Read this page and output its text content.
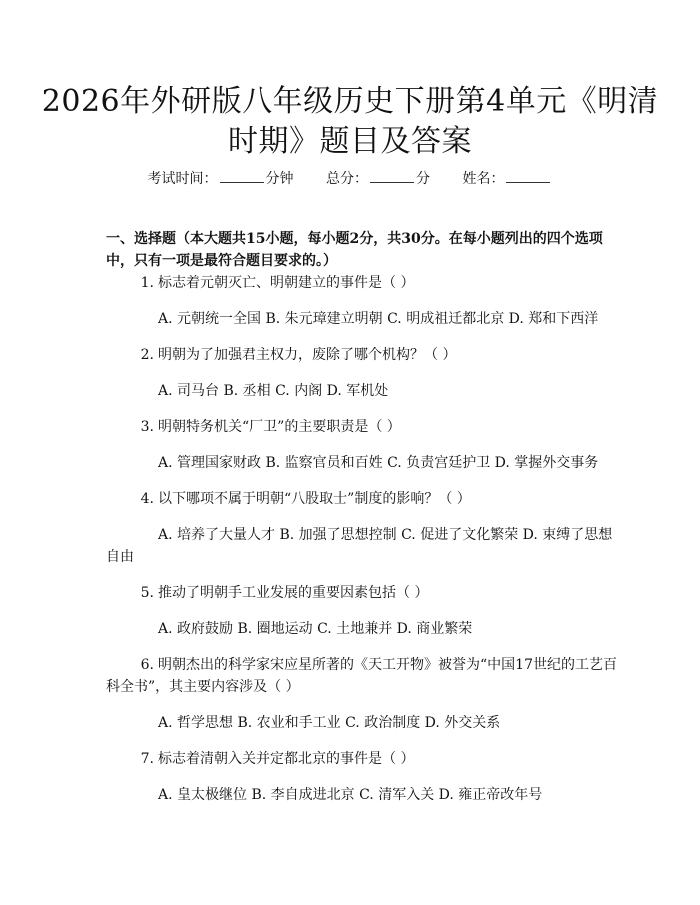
2026年外研版八年级历史下册第4单元《明清时期》题目及答案
考试时间：	分钟 总分：	分 姓名：
一、选择题（本大题共15小题，每小题2分，共30分。在每小题列出的四个选项中，只有一项是最符合题目要求的。）
1. 标志着元朝灭亡、明朝建立的事件是（ ）
A. 元朝统一全国 B. 朱元璋建立明朝 C. 明成祖迁都北京 D. 郑和下西洋
2. 明朝为了加强君主权力，废除了哪个机构？（ ）
A. 司马台 B. 丞相 C. 内阁 D. 军机处
3. 明朝特务机关“厂卫”的主要职责是（ ）
A. 管理国家财政 B. 监察官员和百姓 C. 负责宫廷护卫 D. 掌握外交事务
4. 以下哪项不属于明朝“八股取士”制度的影响？（ ）
A. 培养了大量人才 B. 加强了思想控制 C. 促进了文化繁荣 D. 束缚了思想自由
5. 推动了明朝手工业发展的重要因素包括（ ）
A. 政府鼓励 B. 圈地运动 C. 土地兼并 D. 商业繁荣
6. 明朝杰出的科学家宋应星所著的《天工开物》被誉为“中国17世纪的工艺百科全书”，其主要内容涉及（ ）
A. 哲学思想 B. 农业和手工业 C. 政治制度 D. 外交关系
7. 标志着清朝入关并定都北京的事件是（ ）
A. 皇太极继位 B. 李自成进北京 C. 清军入关 D. 雍正帝改年号
